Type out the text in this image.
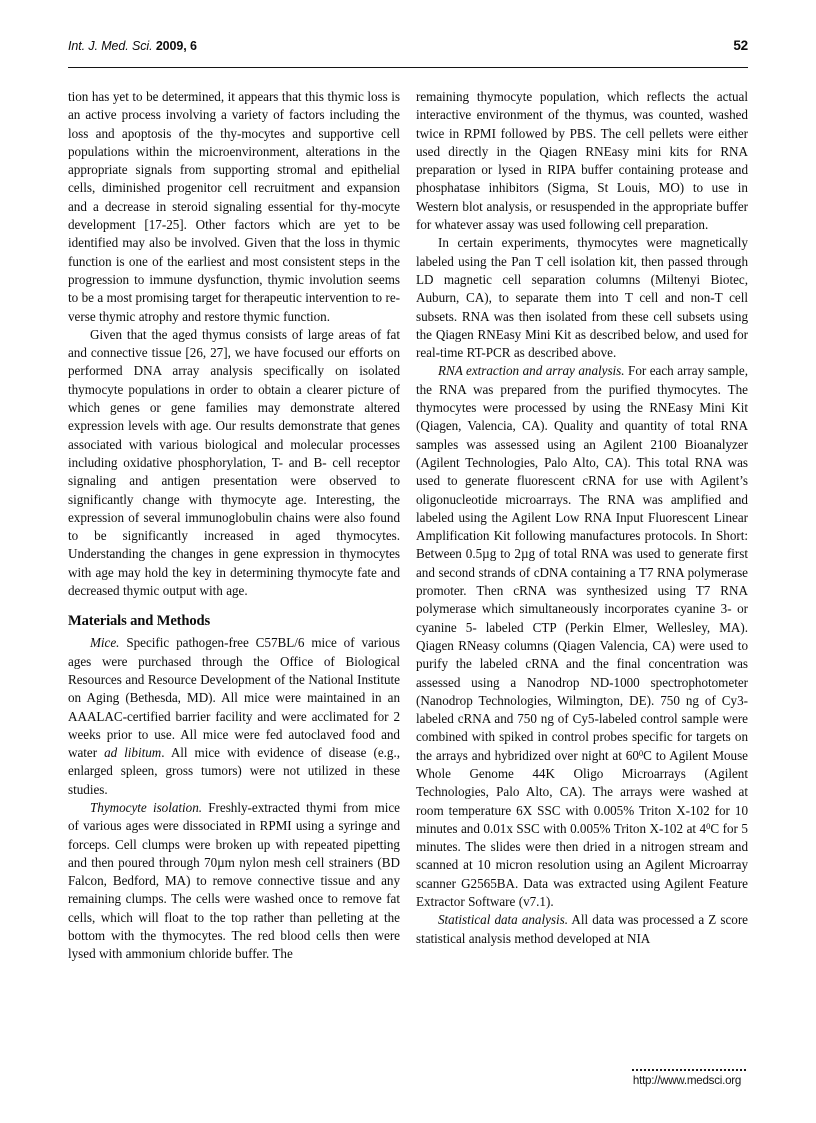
Int. J. Med. Sci. 2009, 6	52

tion has yet to be determined, it appears that this thymic loss is an active process involving a variety of factors including the loss and apoptosis of the thy-mocytes and supportive cell populations within the microenvironment, alterations in the appropriate signals from supporting stromal and epithelial cells, diminished progenitor cell recruitment and expansion and a decrease in steroid signaling essential for thy-mocyte development [17-25]. Other factors which are yet to be identified may also be involved. Given that the loss in thymic function is one of the earliest and most consistent steps in the progression to immune dysfunction, thymic involution seems to be a most promising target for therapeutic intervention to re-verse thymic atrophy and restore thymic function.

Given that the aged thymus consists of large areas of fat and connective tissue [26, 27], we have focused our efforts on performed DNA array analysis specifically on isolated thymocyte populations in order to obtain a clearer picture of which genes or gene families may demonstrate altered expression levels with age. Our results demonstrate that genes associated with various biological and molecular processes including oxidative phosphorylation, T- and B- cell receptor signaling and antigen presentation were observed to significantly change with thymocyte age. Interesting, the expression of several immunoglobulin chains were also found to be significantly increased in aged thymocytes. Understanding the changes in gene expression in thymocytes with age may hold the key in determining thymocyte fate and decreased thymic output with age.

Materials and Methods

Mice. Specific pathogen-free C57BL/6 mice of various ages were purchased through the Office of Biological Resources and Resource Development of the National Institute on Aging (Bethesda, MD). All mice were maintained in an AAALAC-certified barrier facility and were acclimated for 2 weeks prior to use. All mice were fed autoclaved food and water ad libitum. All mice with evidence of disease (e.g., enlarged spleen, gross tumors) were not utilized in these studies.

Thymocyte isolation. Freshly-extracted thymi from mice of various ages were dissociated in RPMI using a syringe and forceps. Cell clumps were broken up with repeated pipetting and then poured through 70µm nylon mesh cell strainers (BD Falcon, Bedford, MA) to remove connective tissue and any remaining clumps. The cells were washed once to remove fat cells, which will float to the top rather than pelleting at the bottom with the thymocytes. The red blood cells then were lysed with ammonium chloride buffer. The

remaining thymocyte population, which reflects the actual interactive environment of the thymus, was counted, washed twice in RPMI followed by PBS. The cell pellets were either used directly in the Qiagen RNEasy mini kits for RNA preparation or lysed in RIPA buffer containing protease and phosphatase inhibitors (Sigma, St Louis, MO) to use in Western blot analysis, or resuspended in the appropriate buffer for whatever assay was used following cell preparation.

In certain experiments, thymocytes were magnetically labeled using the Pan T cell isolation kit, then passed through LD magnetic cell separation columns (Miltenyi Biotec, Auburn, CA), to separate them into T cell and non-T cell subsets. RNA was then isolated from these cell subsets using the Qiagen RNEasy Mini Kit as described below, and used for real-time RT-PCR as described above.

RNA extraction and array analysis. For each array sample, the RNA was prepared from the purified thymocytes. The thymocytes were processed by using the RNEasy Mini Kit (Qiagen, Valencia, CA). Quality and quantity of total RNA samples was assessed using an Agilent 2100 Bioanalyzer (Agilent Technologies, Palo Alto, CA). This total RNA was used to generate fluorescent cRNA for use with Agilent’s oligonucleotide microarrays. The RNA was amplified and labeled using the Agilent Low RNA Input Fluorescent Linear Amplification Kit following manufactures protocols. In Short: Between 0.5µg to 2µg of total RNA was used to generate first and second strands of cDNA containing a T7 RNA polymerase promoter. Then cRNA was synthesized using T7 RNA polymerase which simultaneously incorporates cyanine 3- or cyanine 5- labeled CTP (Perkin Elmer, Wellesley, MA). Qiagen RNeasy columns (Qiagen Valencia, CA) were used to purify the labeled cRNA and the final concentration was assessed using a Nanodrop ND-1000 spectrophotometer (Nanodrop Technologies, Wilmington, DE). 750 ng of Cy3-labeled cRNA and 750 ng of Cy5-labeled control sample were combined with spiked in control probes specific for targets on the arrays and hybridized over night at $60^0C$ to Agilent Mouse Whole Genome 44K Oligo Microarrays (Agilent Technologies, Palo Alto, CA). The arrays were washed at room temperature 6X SSC with 0.005% Triton X-102 for 10 minutes and 0.01x SSC with 0.005% Triton X-102 at $4^0C$ for 5 minutes. The slides were then dried in a nitrogen stream and scanned at 10 micron resolution using an Agilent Microarray scanner G2565BA. Data was extracted using Agilent Feature Extractor Software (v7.1).

Statistical data analysis. All data was processed a Z score statistical analysis method developed at NIA

http://www.medsci.org
